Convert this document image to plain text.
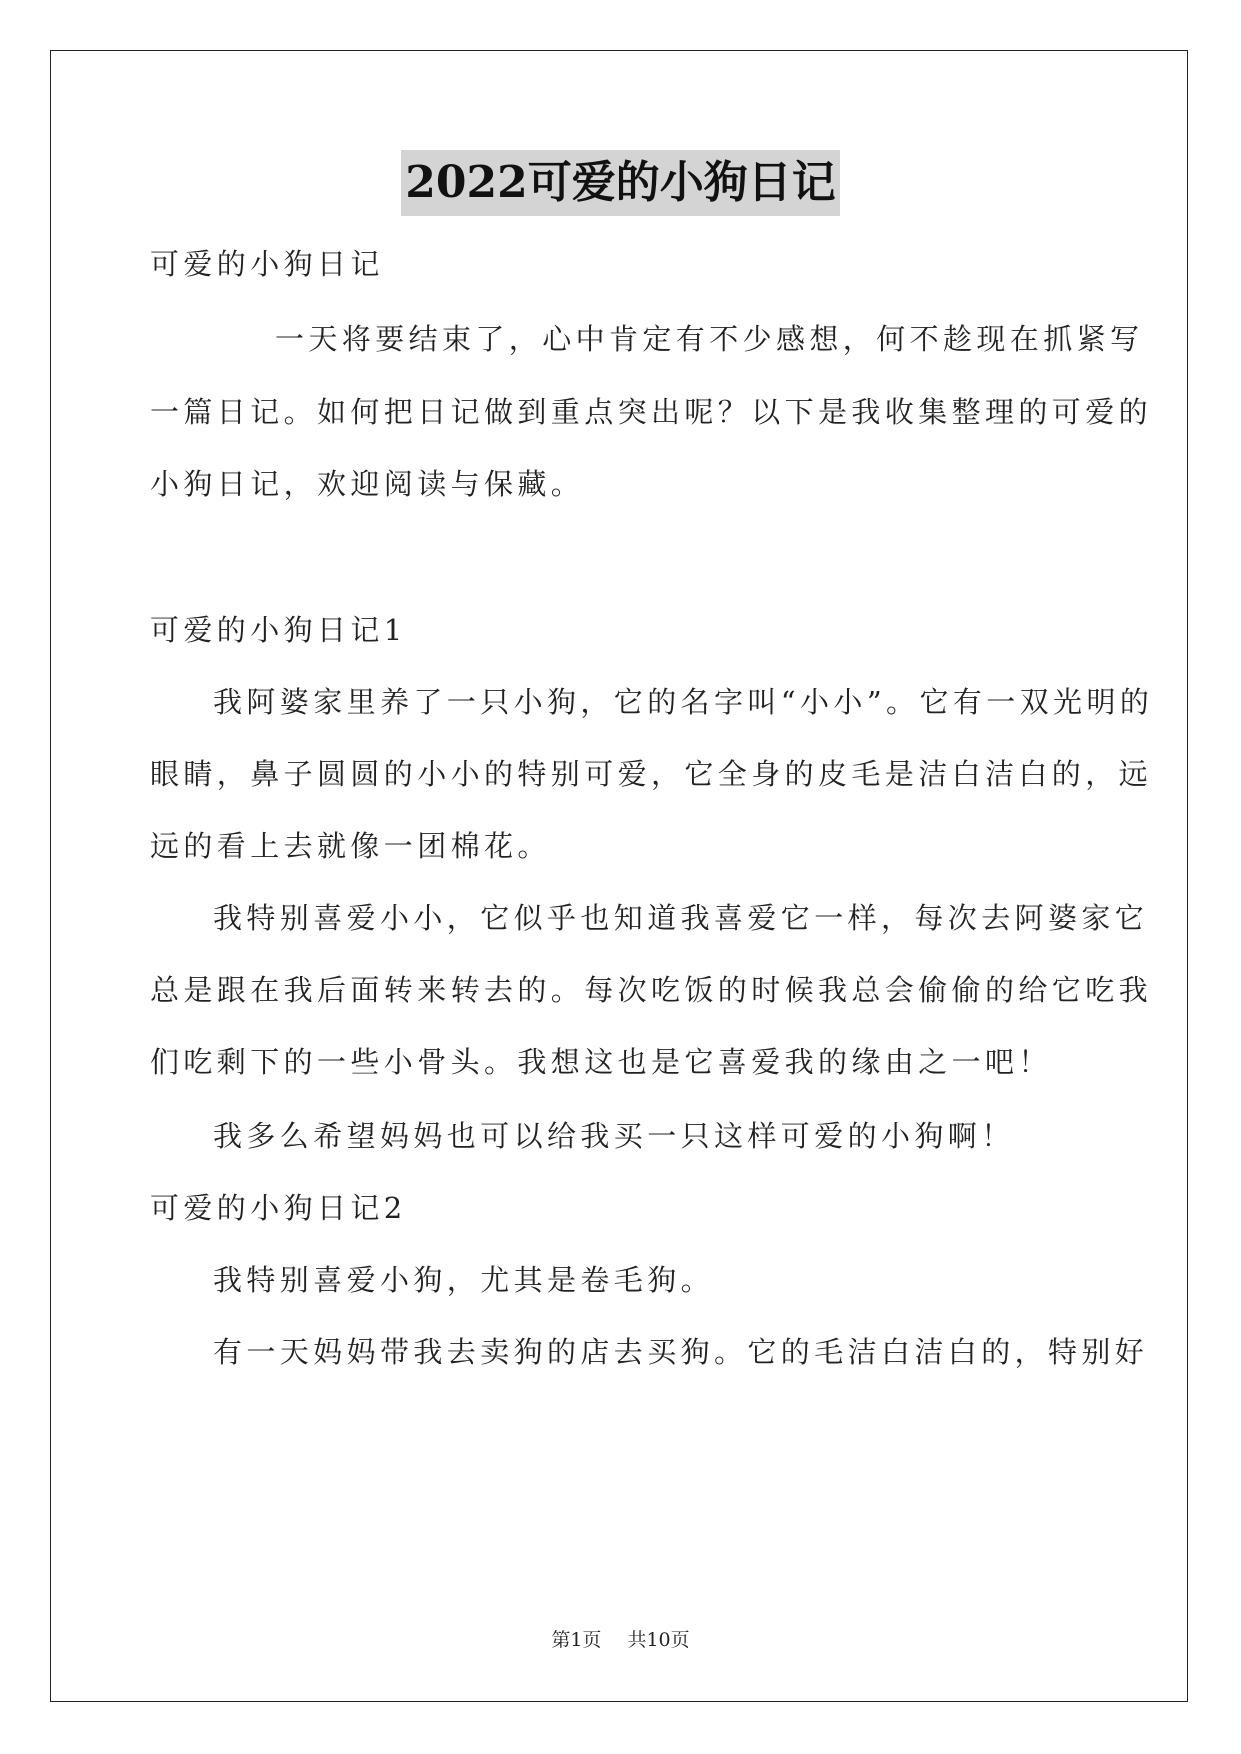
2022可爱的小狗日记
可爱的小狗日记
一天将要结束了，心中肯定有不少感想，何不趁现在抓紧写
一篇日记。如何把日记做到重点突出呢？以下是我收集整理的可爱的
小狗日记，欢迎阅读与保藏。
可爱的小狗日记1
我阿婆家里养了一只小狗，它的名字叫“小小”。它有一双光明的
眼睛，鼻子圆圆的小小的特别可爱，它全身的皮毛是洁白洁白的，远
远的看上去就像一团棉花。
我特别喜爱小小，它似乎也知道我喜爱它一样，每次去阿婆家它
总是跟在我后面转来转去的。每次吃饭的时候我总会偷偷的给它吃我
们吃剩下的一些小骨头。我想这也是它喜爱我的缘由之一吧！
我多么希望妈妈也可以给我买一只这样可爱的小狗啊！
可爱的小狗日记2
我特别喜爱小狗，尤其是卷毛狗。
有一天妈妈带我去卖狗的店去买狗。它的毛洁白洁白的，特别好
第1页 共10页
